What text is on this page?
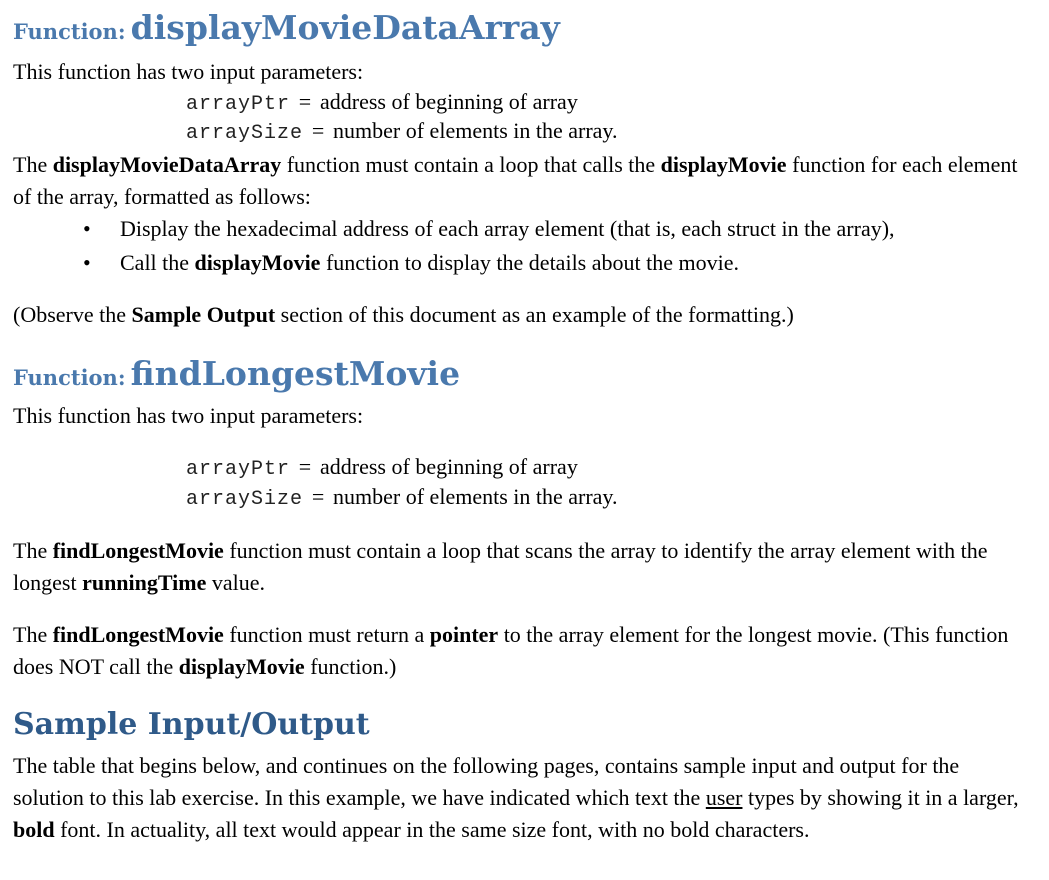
Function: displayMovieDataArray
This function has two input parameters:
arrayPtr = address of beginning of array
arraySize = number of elements in the array.
The displayMovieDataArray function must contain a loop that calls the displayMovie function for each element of the array, formatted as follows:
• Display the hexadecimal address of each array element (that is, each struct in the array),
• Call the displayMovie function to display the details about the movie.
(Observe the Sample Output section of this document as an example of the formatting.)
Function: findLongestMovie
This function has two input parameters:
arrayPtr = address of beginning of array
arraySize = number of elements in the array.
The findLongestMovie function must contain a loop that scans the array to identify the array element with the longest runningTime value.
The findLongestMovie function must return a pointer to the array element for the longest movie. (This function does NOT call the displayMovie function.)
Sample Input/Output
The table that begins below, and continues on the following pages, contains sample input and output for the solution to this lab exercise. In this example, we have indicated which text the user types by showing it in a larger, bold font. In actuality, all text would appear in the same size font, with no bold characters.
